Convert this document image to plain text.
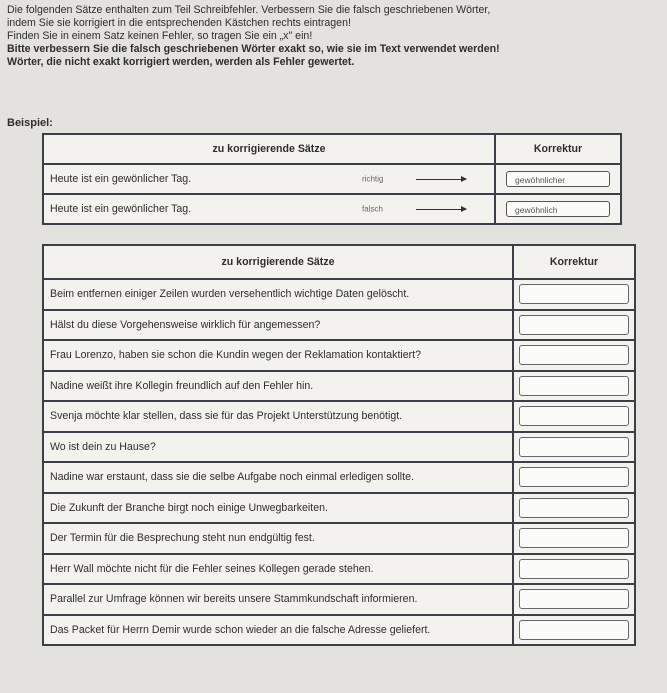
Die folgenden Sätze enthalten zum Teil Schreibfehler. Verbessern Sie die falsch geschriebenen Wörter,

indem Sie sie korrigiert in die entsprechenden Kästchen rechts eintragen!

Finden Sie in einem Satz keinen Fehler, so tragen Sie ein „x" ein!

Bitte verbessern Sie die falsch geschriebenen Wörter exakt so, wie sie im Text verwendet werden!

Wörter, die nicht exakt korrigiert werden, werden als Fehler gewertet.

Beispiel:
zu korrigierende Sätze	Korrektur
Heute ist ein gewönlicher Tag. richtig	gewöhnlicher
Heute ist ein gewönlicher Tag. falsch	gewöhnlich
zu korrigierende Sätze	Korrektur
Beim entfernen einiger Zeilen wurden versehentlich wichtige Daten gelöscht.	

Hälst du diese Vorgehensweise wirklich für angemessen?	

Frau Lorenzo, haben sie schon die Kundin wegen der Reklamation kontaktiert?	

Nadine weißt ihre Kollegin freundlich auf den Fehler hin.	

Svenja möchte klar stellen, dass sie für das Projekt Unterstützung benötigt.	

Wo ist dein zu Hause?	

Nadine war erstaunt, dass sie die selbe Aufgabe noch einmal erledigen sollte.	

Die Zukunft der Branche birgt noch einige Unwegbarkeiten.	

Der Termin für die Besprechung steht nun endgültig fest.	

Herr Wall möchte nicht für die Fehler seines Kollegen gerade stehen.	

Parallel zur Umfrage können wir bereits unsere Stammkundschaft informieren.	

Das Packet für Herrn Demir wurde schon wieder an die falsche Adresse geliefert.	
